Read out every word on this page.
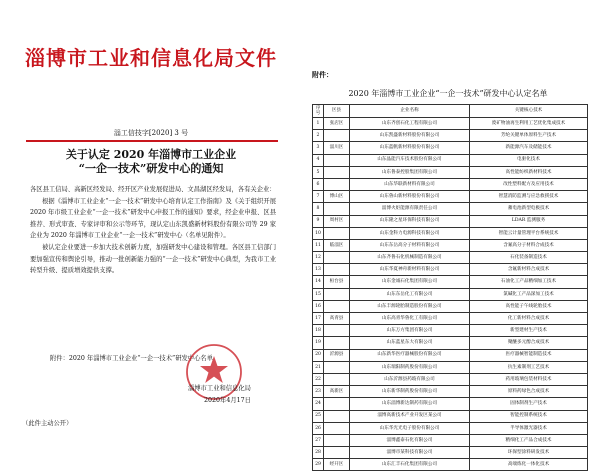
淄博市工业和信息化局文件
淄工信技字[2020] 3 号
关于认定 2020 年淄博市工业企业
“一企一技术”研发中心的通知

各区县工信局、高新区经发局、经开区产业发展促进局、文昌湖区经发局，各有关企业：

根据《淄博市工业企业“一企一技术”研发中心培育认定工作指南》及《关于组织开展 2020 年市级工业企业“一企一技术”研发中心申报工作的通知》要求，经企业申报、区县推荐、形式审查、专家评审和公示等环节，现认定山东凯盛新材料股份有限公司等 29 家企业为 2020 年淄博市工业企业“一企一技术”研发中心（名单见附件）。

被认定企业要进一步加大技术创新力度，加强研发中心建设和管理。各区县工信部门要加强宣传和舆论引导，推动一批创新能力强的“一企一技术”研发中心典型，为我市工业转型升级、提质增效提供支撑。

附件：2020 年淄博市工业企业“一企一技术”研发中心名单
淄博市工业和信息化局
2020年4月17日
（此件主动公开）
附件：
2020 年淄博市工业企业“一企一技术”研发中心认定名单
序号	区县	企业名称	关键核心技术
1	张店区	山东齐创石化工程有限公司	废矿物油再生利用工艺优化集成技术
2		山东凯盛新材料股份有限公司	芳纶关键单体原料生产技术
3	淄川区	山东蓝帆新材料股份有限公司	新能源汽车及储能技术
4		山东晶能汽车技术股份有限公司	电驱化技术
5		山东鲁泰控股集团有限公司	高性能纺织新材料技术
6		山东华联新材料有限公司	改性塑料配方及应用技术
7	博山区	山东鲁山新材料股份有限公司	智慧消防监测与应急救援技术
8		淄博火炬能源有限责任公司	蓄电池新型电极技术
9	周村区	山东隆之星环保科技有限公司	LDAR 监测服务
10		山东金科力电源科技有限公司	智能云计量管理平台系统技术
11	临淄区	山东东岳高分子材料有限公司	含氟高分子材料合成技术
12		山东齐鲁石化机械制造有限公司	石化装备制造技术
13		山东华夏神舟新材料有限公司	含氟新材料合成技术
14	桓台县	山东金诚石化集团有限公司	石油化工产品精细加工技术
15		山东东岳化工有限公司	氯碱化工产品深加工技术
16		山东丰源轮胎制造股份有限公司	高性能子午线轮胎技术
17	高青县	山东高青华鲁化工有限公司	化工新材料合成技术
18		山东万方集团有限公司	新型建材生产技术
19		山东蓝星东大有限公司	聚醚多元醇合成技术
20	沂源县	山东新华医疗器械股份有限公司	医疗器械智能制造技术
21		山东瑞阳制药股份有限公司	抗生素制剂工艺技术
22		山东沂源县药玻有限公司	药用玻璃包装材料技术
23	高新区	山东新华制药股份有限公司	原料药绿色合成技术
24		山东淄博新达制药有限公司	固体制剂生产技术
25		淄博高新技术产业开发区某公司	智能控制系统技术
26		山东华光光电子股份有限公司	半导体激光器技术
27		淄博鑫泰石化有限公司	精细化工产品合成技术
28		淄博市某科技有限公司	环保型涂料研发技术
29	经开区	山东汇丰石化集团有限公司	高端炼化一体化技术
